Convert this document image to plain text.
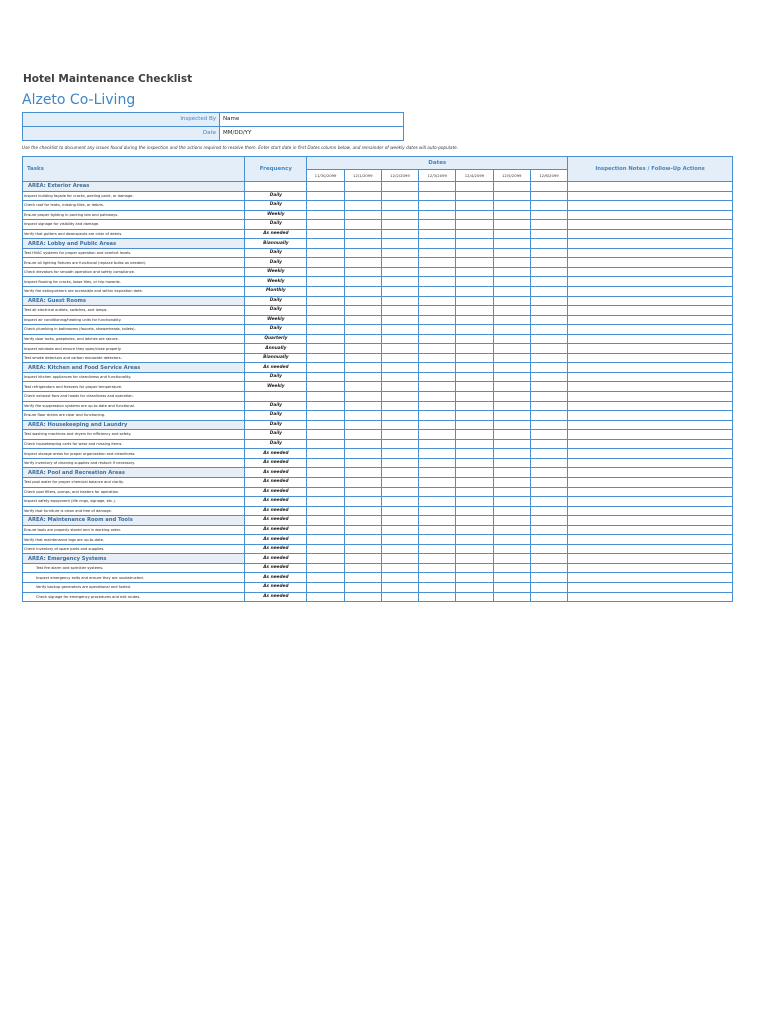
Hotel Maintenance Checklist
Alzeto Co-Living
Inspected By	Name
Date	MM/DD/YY
Use the checklist to document any issues found during the inspection and the actions required to resolve them. Enter start date in first Dates column below, and remainder of weekly dates will auto-populate.
Tasks	Frequency	Dates							Inspection Notes / Follow-Up Actions
		11/30/2099	12/1/2099	12/2/2099	12/3/2099	12/4/2099	12/5/2099	12/6/2099	
AREA: Exterior Areas									
Inspect building façade for cracks, peeling paint, or damage.	Daily								
Check roof for leaks, missing tiles, or debris.	Daily								
Ensure proper lighting in parking lots and pathways.	Weekly								
Inspect signage for visibility and damage.	Daily								
Verify that gutters and downspouts are clear of debris.	As needed								
AREA: Lobby and Public Areas	Biannually								
Test HVAC systems for proper operation and comfort levels.	Daily								
Ensure all lighting fixtures are functional (replace bulbs as needed).	Daily								
Check elevators for smooth operation and safety compliance.	Weekly								
Inspect flooring for cracks, loose tiles, or trip hazards.	Weekly								
Verify fire extinguishers are accessible and within expiration date.	Monthly								
AREA: Guest Rooms	Daily								
Test all electrical outlets, switches, and lamps.	Daily								
Inspect air conditioning/heating units for functionality.	Weekly								
Check plumbing in bathrooms (faucets, showerheads, toilets).	Daily								
Verify door locks, peepholes, and latches are secure.	Quarterly								
Inspect windows and ensure they open/close properly.	Annually								
Test smoke detectors and carbon monoxide detectors.	Biannually								
AREA: Kitchen and Food Service Areas	As needed								
Inspect kitchen appliances for cleanliness and functionality.	Daily								
Test refrigerators and freezers for proper temperature.	Weekly								
Check exhaust fans and hoods for cleanliness and operation.									
Verify fire suppression systems are up-to-date and functional.	Daily								
Ensure floor drains are clear and functioning.	Daily								
AREA: Housekeeping and Laundry	Daily								
Test washing machines and dryers for efficiency and safety.	Daily								
Check housekeeping carts for wear and missing items.	Daily								
Inspect storage areas for proper organization and cleanliness.	As needed								
Verify inventory of cleaning supplies and restock if necessary.	As needed								
AREA: Pool and Recreation Areas	As needed								
Test pool water for proper chemical balance and clarity.	As needed								
Check pool filters, pumps, and heaters for operation.	As needed								
Inspect safety equipment (life rings, signage, etc.).	As needed								
Verify that furniture is clean and free of damage.	As needed								
AREA: Maintenance Room and Tools	As needed								
Ensure tools are properly stored and in working order.	As needed								
Verify that maintenance logs are up-to-date.	As needed								
Check inventory of spare parts and supplies.	As needed								
AREA: Emergency Systems	As needed								
Test fire alarm and sprinkler systems.	As needed								
Inspect emergency exits and ensure they are unobstructed.	As needed								
Verify backup generators are operational and fueled.	As needed								
Check signage for emergency procedures and exit routes.	As needed								
